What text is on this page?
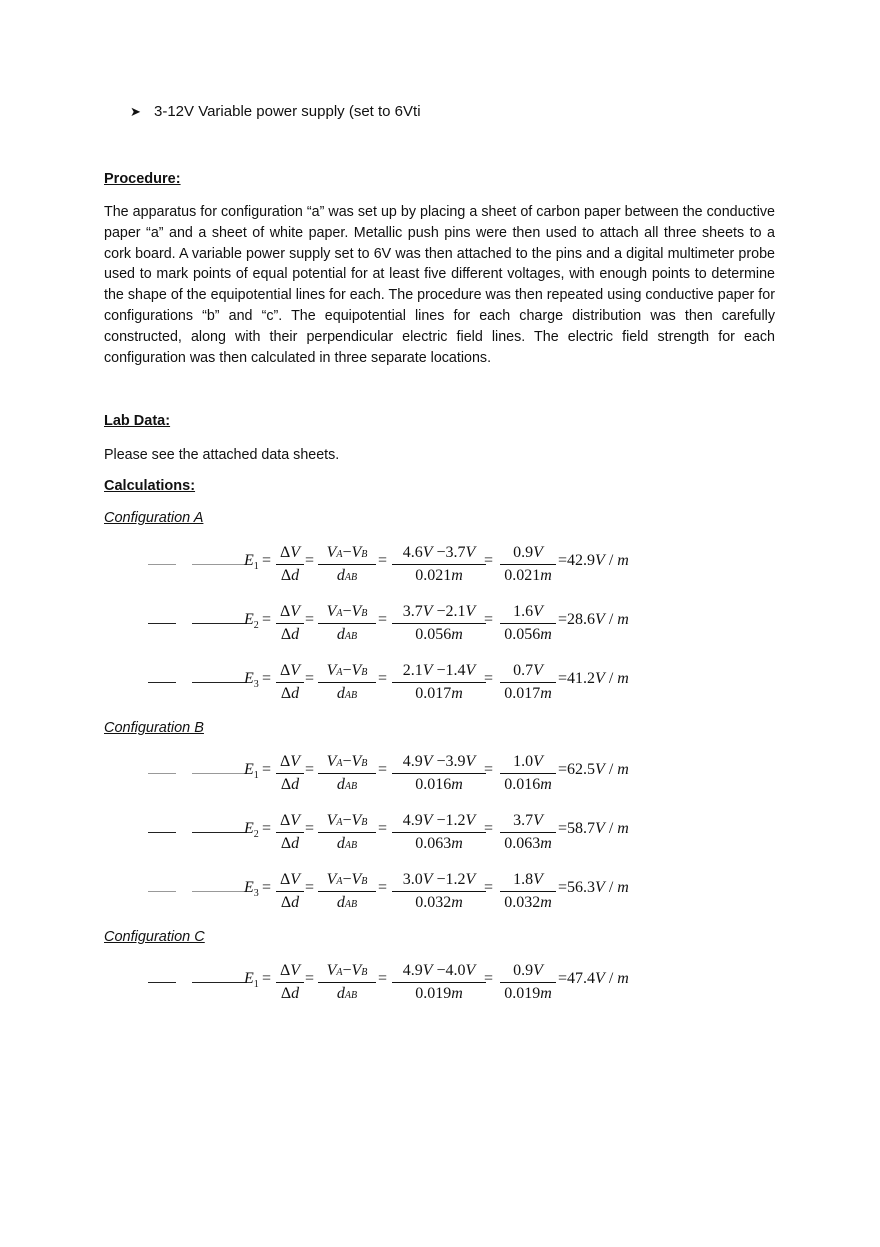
➤ 3-12V Variable power supply (set to 6Vti
Procedure:
The apparatus for configuration “a” was set up by placing a sheet of carbon paper between the conductive paper “a” and a sheet of white paper. Metallic push pins were then used to attach all three sheets to a cork board. A variable power supply set to 6V was then attached to the pins and a digital multimeter probe used to mark points of equal potential for at least five different voltages, with enough points to determine the shape of the equipotential lines for each. The procedure was then repeated using conductive paper for configurations “b” and “c”. The equipotential lines for each charge distribution was then carefully constructed, along with their perpendicular electric field lines. The electric field strength for each configuration was then calculated in three separate locations.
Lab Data:
Please see the attached data sheets.
Calculations:
Configuration A
$E_1 = \frac{\Delta V}{\Delta d} = VA-VB$
dAB
= $\frac{4.6V -3.7V}{0.021m}$
= $\frac{0.9V}{0.021m} =42.9V / m$
$E_2 = \frac{\Delta V}{\Delta d} = VA-VB$
dAB
= $\frac{3.7V -2.1V}{0.056m}$
= $\frac{1.6V}{0.056m} =28.6V / m$
$E_3 = \frac{\Delta V}{\Delta d} = VA-VB$
dAB
= $\frac{2.1V -1.4V}{0.017m}$
= $\frac{0.7V}{0.017m} =41.2V / m$
Configuration B
$E_1 = \frac{\Delta V}{\Delta d} = VA-VB$
dAB
= $\frac{4.9V -3.9V}{0.016m}$
= $\frac{1.0V}{0.016m} =62.5V / m$
$E_2 = \frac{\Delta V}{\Delta d} = VA-VB$
dAB
= $\frac{4.9V -1.2V}{0.063m}$
= $\frac{3.7V}{0.063m} =58.7V / m$
$E_3 = \frac{\Delta V}{\Delta d} = VA-VB$
dAB
= $\frac{3.0V -1.2V}{0.032m}$
= $\frac{1.8V}{0.032m} =56.3V / m$
Configuration C
$E_1 = \frac{\Delta V}{\Delta d} = VA-VB$
dAB
= $\frac{4.9V -4.0V}{0.019m}$
= $\frac{0.9V}{0.019m} =47.4V / m$
